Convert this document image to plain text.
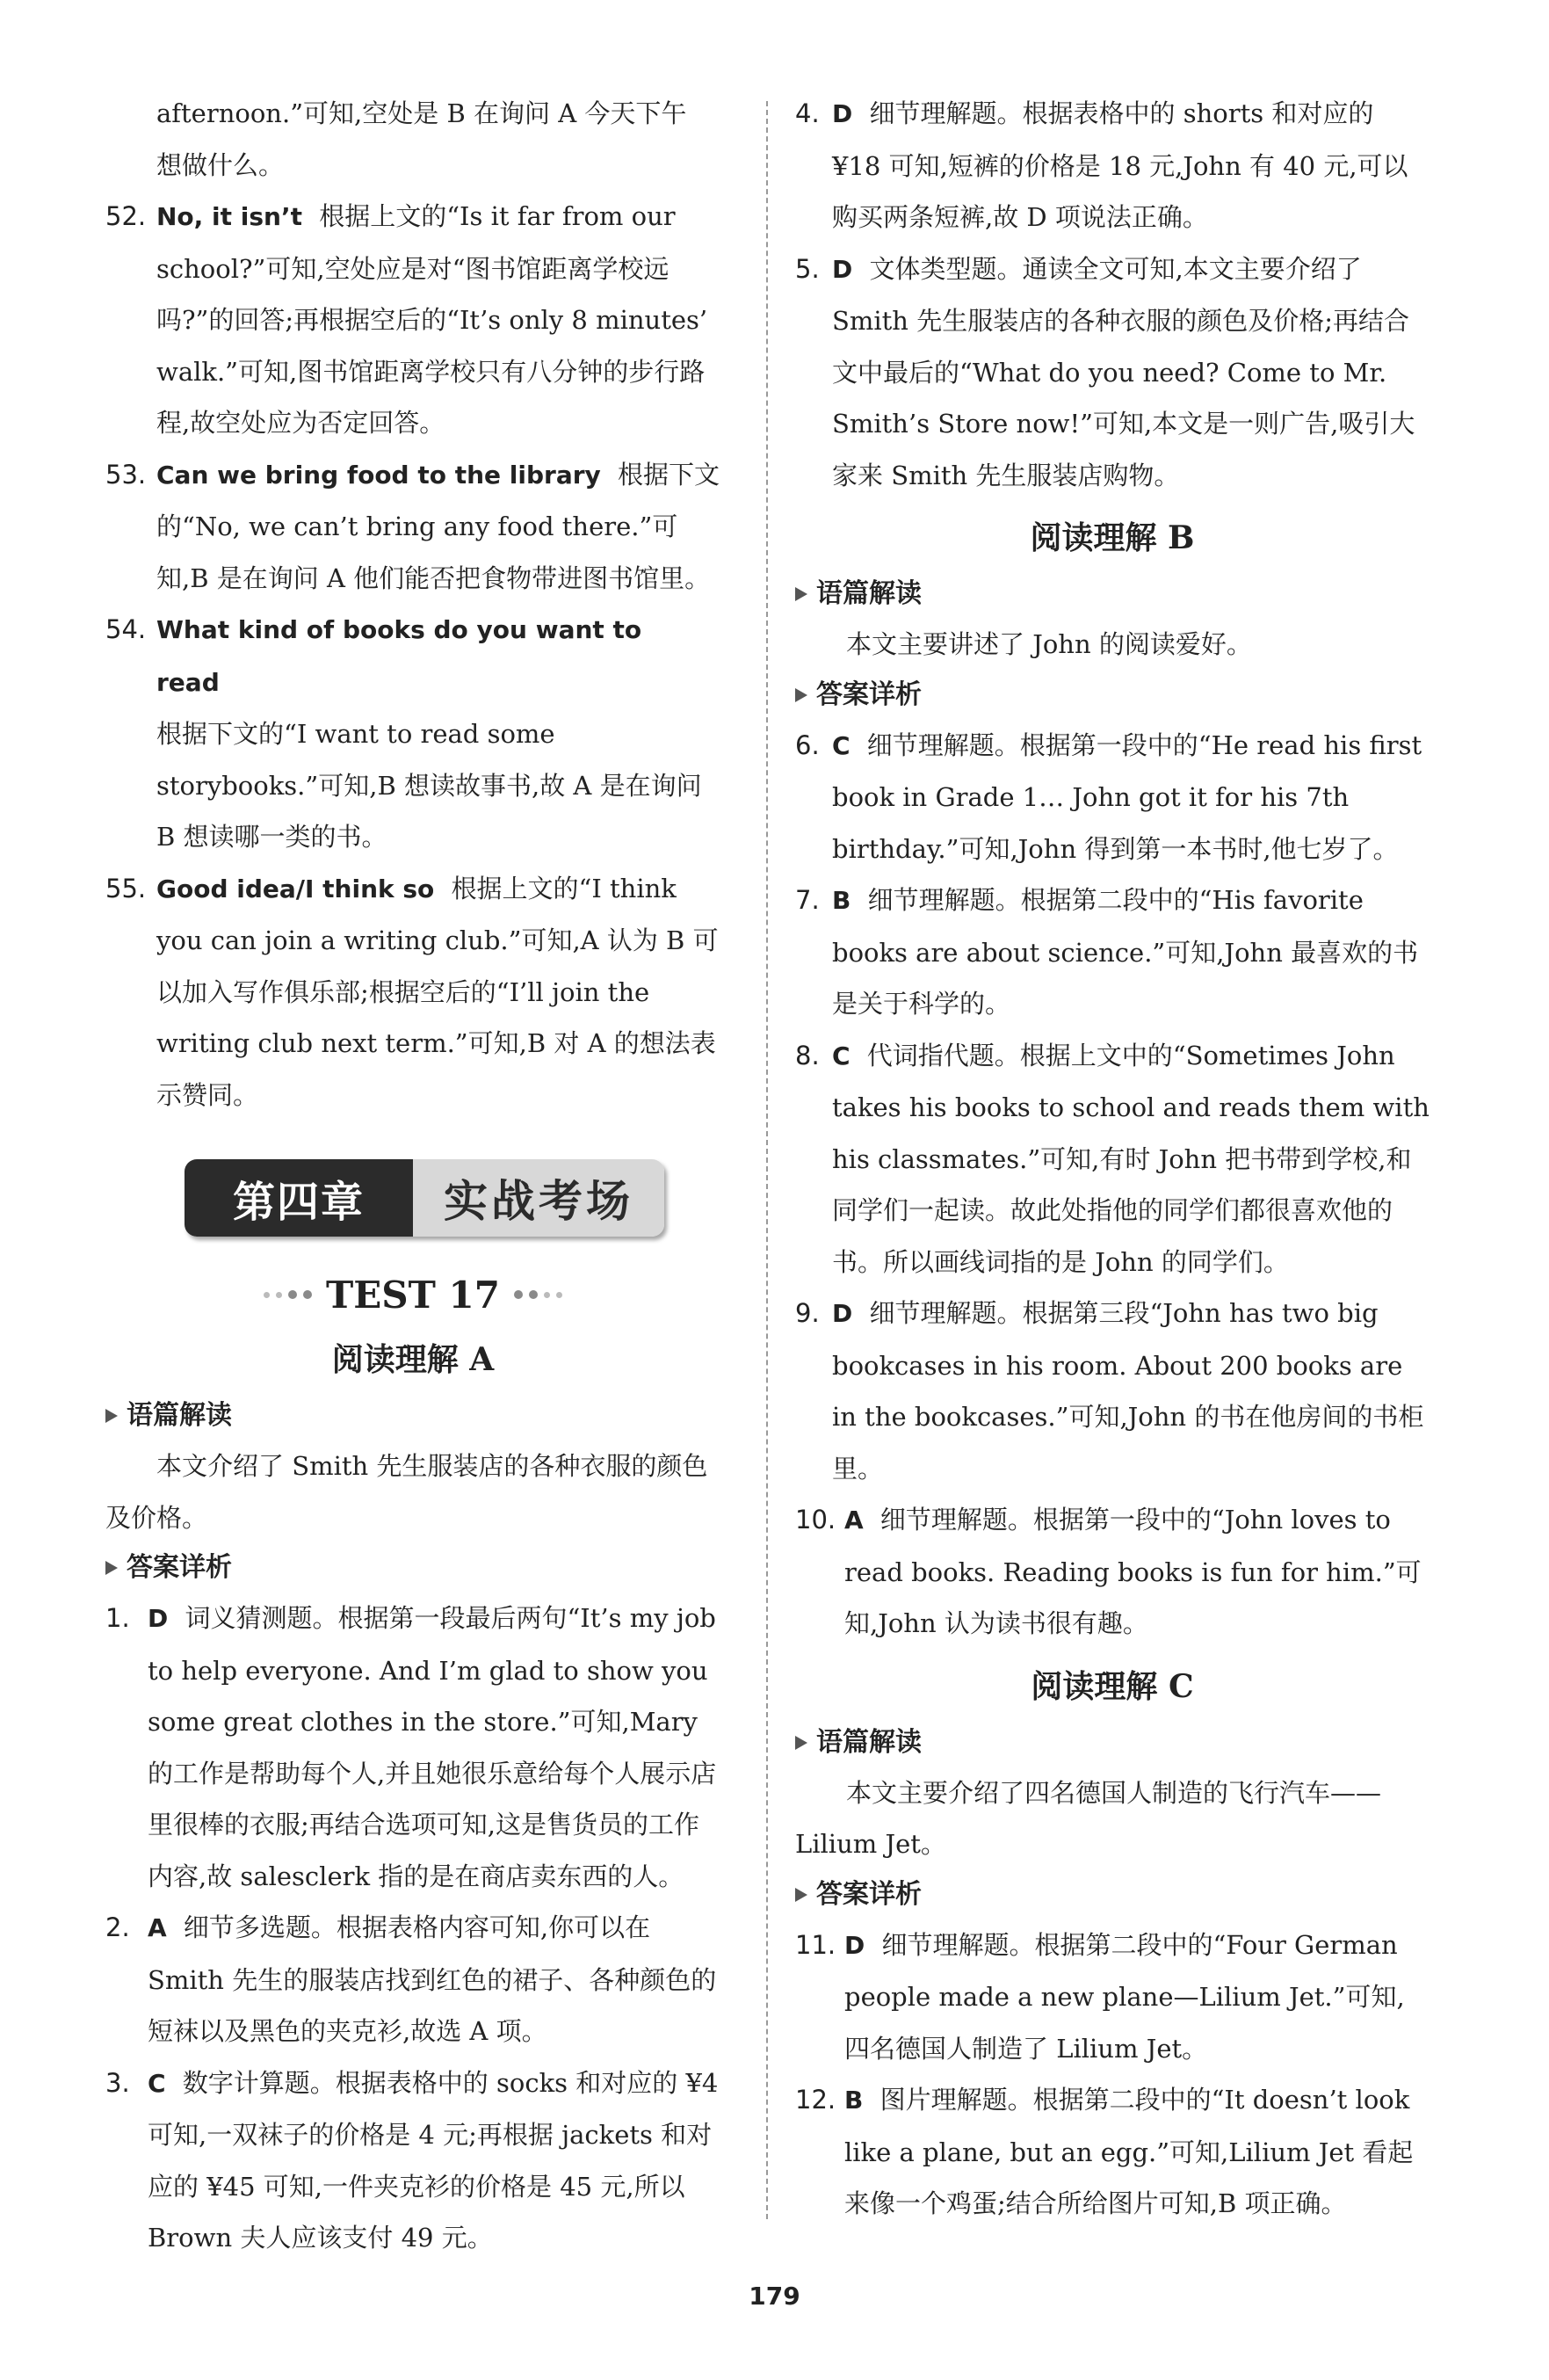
afternoon.”可知,空处是 B 在询问 A 今天下午

想做什么。

52. No, it isn’t 根据上文的“Is it far from our school?”可知,空处应是对“图书馆距离学校远吗?”的回答;再根据空后的“It’s only 8 minutes’ walk.”可知,图书馆距离学校只有八分钟的步行路程,故空处应为否定回答。
53. Can we bring food to the library 根据下文的“No, we can’t bring any food there.”可知,B 是在询问 A 他们能否把食物带进图书馆里。
54. What kind of books do you want to read
根据下文的“I want to read some storybooks.”可知,B 想读故事书,故 A 是在询问 B 想读哪一类的书。
55. Good idea/I think so 根据上文的“I think you can join a writing club.”可知,A 认为 B 可以加入写作俱乐部;根据空后的“I’ll join the writing club next term.”可知,B 对 A 的想法表示赞同。
第四章	实战考场
TEST 17
阅读理解 A
语篇解读

本文介绍了 Smith 先生服装店的各种衣服的颜色及价格。

答案详析
1. D 词义猜测题。根据第一段最后两句“It’s my job to help everyone. And I’m glad to show you some great clothes in the store.”可知,Mary 的工作是帮助每个人,并且她很乐意给每个人展示店里很棒的衣服;再结合选项可知,这是售货员的工作内容,故 salesclerk 指的是在商店卖东西的人。
2. A 细节多选题。根据表格内容可知,你可以在 Smith 先生的服装店找到红色的裙子、各种颜色的短袜以及黑色的夹克衫,故选 A 项。
3. C 数字计算题。根据表格中的 socks 和对应的 ¥4 可知,一双袜子的价格是 4 元;再根据 jackets 和对应的 ¥45 可知,一件夹克衫的价格是 45 元,所以 Brown 夫人应该支付 49 元。
4. D 细节理解题。根据表格中的 shorts 和对应的 ¥18 可知,短裤的价格是 18 元,John 有 40 元,可以购买两条短裤,故 D 项说法正确。
5. D 文体类型题。通读全文可知,本文主要介绍了 Smith 先生服装店的各种衣服的颜色及价格;再结合文中最后的“What do you need? Come to Mr. Smith’s Store now!”可知,本文是一则广告,吸引大家来 Smith 先生服装店购物。
阅读理解 B
语篇解读

本文主要讲述了 John 的阅读爱好。

答案详析
6. C 细节理解题。根据第一段中的“He read his first book in Grade 1… John got it for his 7th birthday.”可知,John 得到第一本书时,他七岁了。
7. B 细节理解题。根据第二段中的“His favorite books are about science.”可知,John 最喜欢的书是关于科学的。
8. C 代词指代题。根据上文中的“Sometimes John takes his books to school and reads them with his classmates.”可知,有时 John 把书带到学校,和同学们一起读。故此处指他的同学们都很喜欢他的书。所以画线词指的是 John 的同学们。
9. D 细节理解题。根据第三段“John has two big bookcases in his room. About 200 books are in the bookcases.”可知,John 的书在他房间的书柜里。
10. A 细节理解题。根据第一段中的“John loves to read books. Reading books is fun for him.”可知,John 认为读书很有趣。
阅读理解 C
语篇解读

本文主要介绍了四名德国人制造的飞行汽车——Lilium Jet。

答案详析
11. D 细节理解题。根据第二段中的“Four German people made a new plane—Lilium Jet.”可知,四名德国人制造了 Lilium Jet。
12. B 图片理解题。根据第二段中的“It doesn’t look like a plane, but an egg.”可知,Lilium Jet 看起来像一个鸡蛋;结合所给图片可知,B 项正确。
179
